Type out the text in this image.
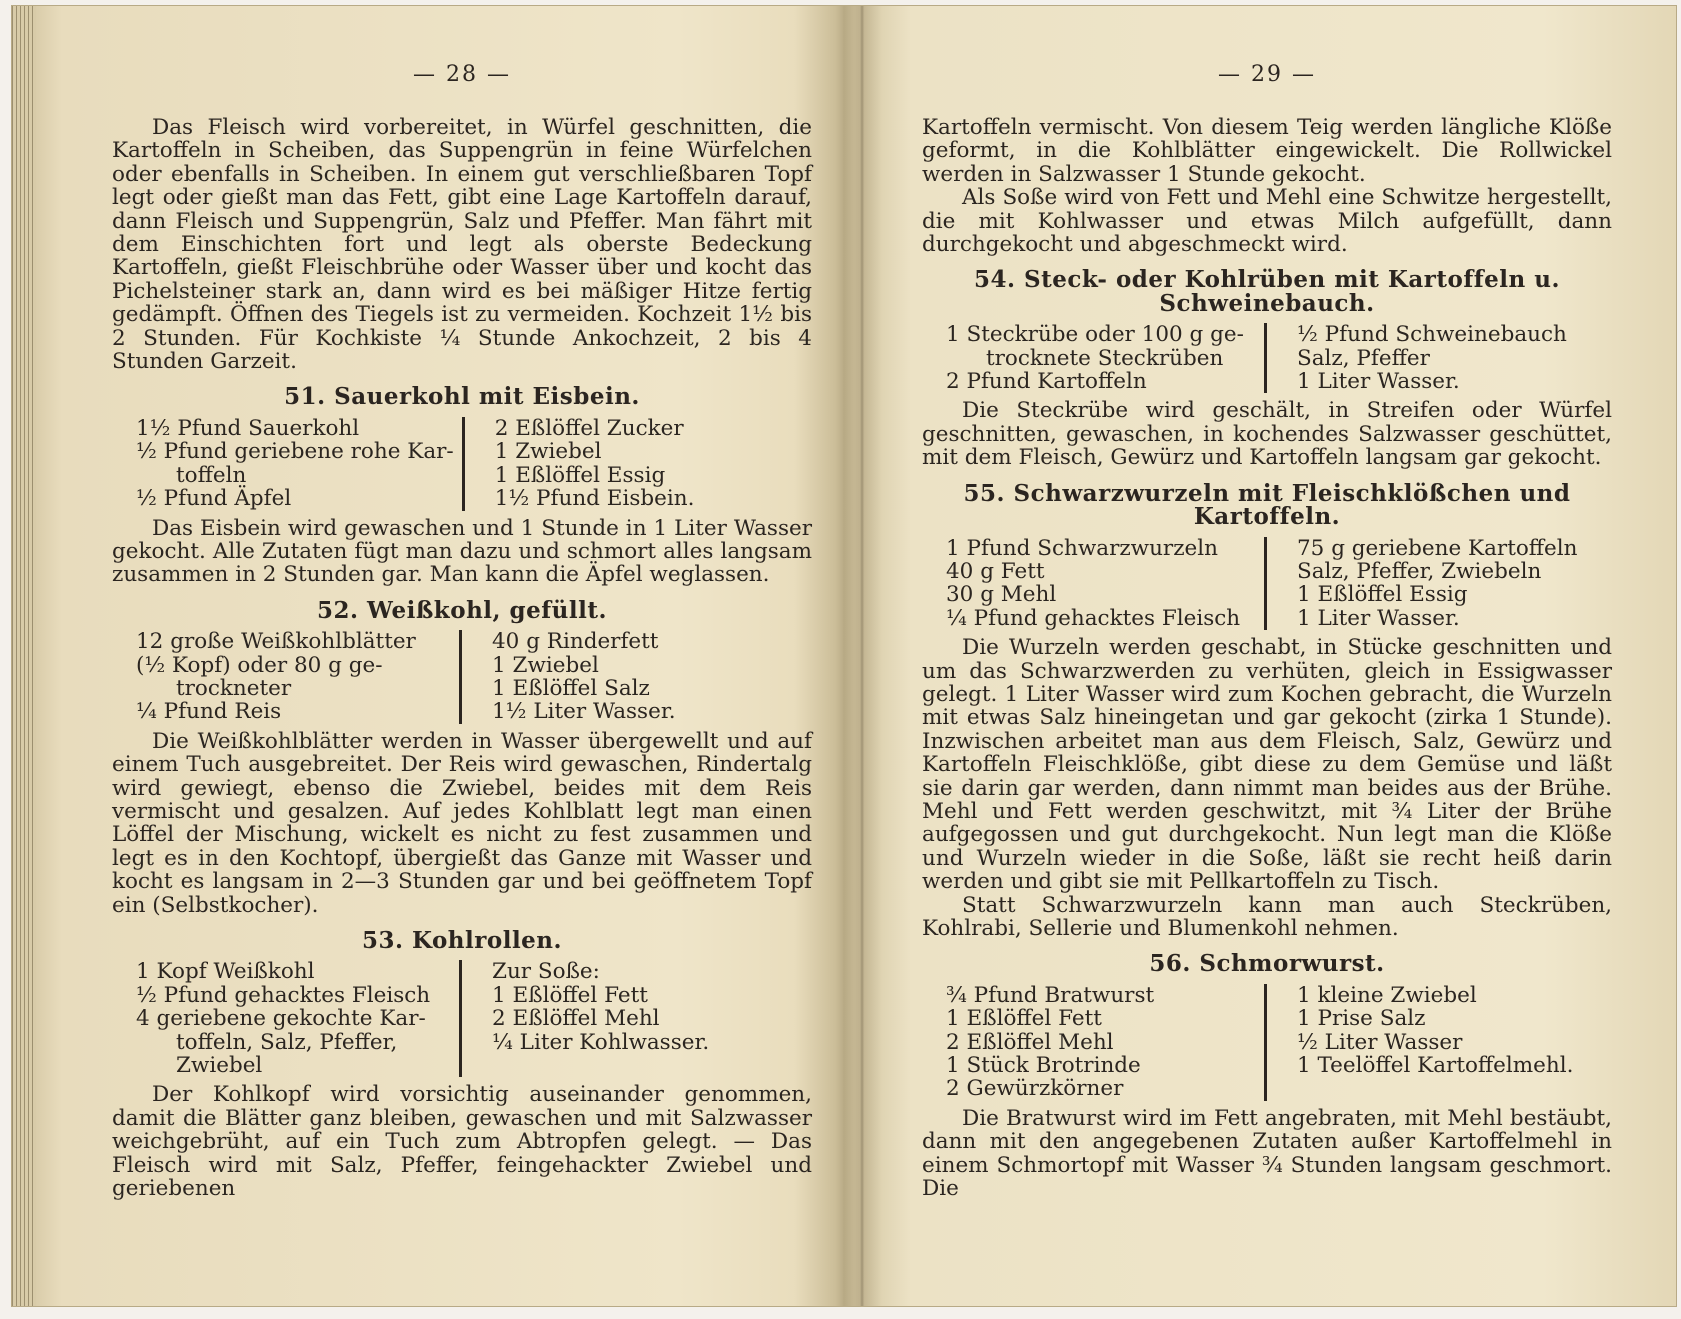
— 28 —

Das Fleisch wird vorbereitet, in Würfel geschnitten, die Kartoffeln in Scheiben, das Suppengrün in feine Würfelchen oder ebenfalls in Scheiben. In einem gut verschließbaren Topf legt oder gießt man das Fett, gibt eine Lage Kartoffeln darauf, dann Fleisch und Suppengrün, Salz und Pfeffer. Man fährt mit dem Einschichten fort und legt als oberste Bedeckung Kartoffeln, gießt Fleischbrühe oder Wasser über und kocht das Pichelsteiner stark an, dann wird es bei mäßiger Hitze fertig gedämpft. Öffnen des Tiegels ist zu vermeiden. Kochzeit 1½ bis 2 Stunden. Für Kochkiste ¼ Stunde Ankochzeit, 2 bis 4 Stunden Garzeit.

51. Sauerkohl mit Eisbein.
1½ Pfund Sauerkohl
½ Pfund geriebene rohe Kar-
toffeln
½ Pfund Äpfel
2 Eßlöffel Zucker
1 Zwiebel
1 Eßlöffel Essig
1½ Pfund Eisbein.

Das Eisbein wird gewaschen und 1 Stunde in 1 Liter Wasser gekocht. Alle Zutaten fügt man dazu und schmort alles langsam zusammen in 2 Stunden gar. Man kann die Äpfel weglassen.

52. Weißkohl, gefüllt.
12 große Weißkohlblätter
(½ Kopf) oder 80 g ge-
trockneter
¼ Pfund Reis
40 g Rinderfett
1 Zwiebel
1 Eßlöffel Salz
1½ Liter Wasser.

Die Weißkohlblätter werden in Wasser übergewellt und auf einem Tuch ausgebreitet. Der Reis wird gewaschen, Rindertalg wird gewiegt, ebenso die Zwiebel, beides mit dem Reis vermischt und gesalzen. Auf jedes Kohlblatt legt man einen Löffel der Mischung, wickelt es nicht zu fest zusammen und legt es in den Kochtopf, übergießt das Ganze mit Wasser und kocht es langsam in 2—3 Stunden gar und bei geöffnetem Topf ein (Selbstkocher).

53. Kohlrollen.
1 Kopf Weißkohl
½ Pfund gehacktes Fleisch
4 geriebene gekochte Kar-
toffeln, Salz, Pfeffer,
Zwiebel
Zur Soße:
1 Eßlöffel Fett
2 Eßlöffel Mehl
¼ Liter Kohlwasser.

Der Kohlkopf wird vorsichtig auseinander genommen, damit die Blätter ganz bleiben, gewaschen und mit Salzwasser weichgebrüht, auf ein Tuch zum Abtropfen gelegt. — Das Fleisch wird mit Salz, Pfeffer, feingehackter Zwiebel und geriebenen

— 29 —

Kartoffeln vermischt. Von diesem Teig werden längliche Klöße geformt, in die Kohlblätter eingewickelt. Die Rollwickel werden in Salzwasser 1 Stunde gekocht.

Als Soße wird von Fett und Mehl eine Schwitze hergestellt, die mit Kohlwasser und etwas Milch aufgefüllt, dann durchgekocht und abgeschmeckt wird.

54. Steck- oder Kohlrüben mit Kartoffeln u. Schweinebauch.
1 Steckrübe oder 100 g ge-
trocknete Steckrüben
2 Pfund Kartoffeln
½ Pfund Schweinebauch
Salz, Pfeffer
1 Liter Wasser.

Die Steckrübe wird geschält, in Streifen oder Würfel geschnitten, gewaschen, in kochendes Salzwasser geschüttet, mit dem Fleisch, Gewürz und Kartoffeln langsam gar gekocht.

55. Schwarzwurzeln mit Fleischklößchen und Kartoffeln.
1 Pfund Schwarzwurzeln
40 g Fett
30 g Mehl
¼ Pfund gehacktes Fleisch
75 g geriebene Kartoffeln
Salz, Pfeffer, Zwiebeln
1 Eßlöffel Essig
1 Liter Wasser.

Die Wurzeln werden geschabt, in Stücke geschnitten und um das Schwarzwerden zu verhüten, gleich in Essigwasser gelegt. 1 Liter Wasser wird zum Kochen gebracht, die Wurzeln mit etwas Salz hineingetan und gar gekocht (zirka 1 Stunde). Inzwischen arbeitet man aus dem Fleisch, Salz, Gewürz und Kartoffeln Fleischklöße, gibt diese zu dem Gemüse und läßt sie darin gar werden, dann nimmt man beides aus der Brühe. Mehl und Fett werden geschwitzt, mit ¾ Liter der Brühe aufgegossen und gut durchgekocht. Nun legt man die Klöße und Wurzeln wieder in die Soße, läßt sie recht heiß darin werden und gibt sie mit Pellkartoffeln zu Tisch.

Statt Schwarzwurzeln kann man auch Steckrüben, Kohlrabi, Sellerie und Blumenkohl nehmen.

56. Schmorwurst.
¾ Pfund Bratwurst
1 Eßlöffel Fett
2 Eßlöffel Mehl
1 Stück Brotrinde
2 Gewürzkörner
1 kleine Zwiebel
1 Prise Salz
½ Liter Wasser
1 Teelöffel Kartoffelmehl.

Die Bratwurst wird im Fett angebraten, mit Mehl bestäubt, dann mit den angegebenen Zutaten außer Kartoffelmehl in einem Schmortopf mit Wasser ¾ Stunden langsam geschmort. Die
